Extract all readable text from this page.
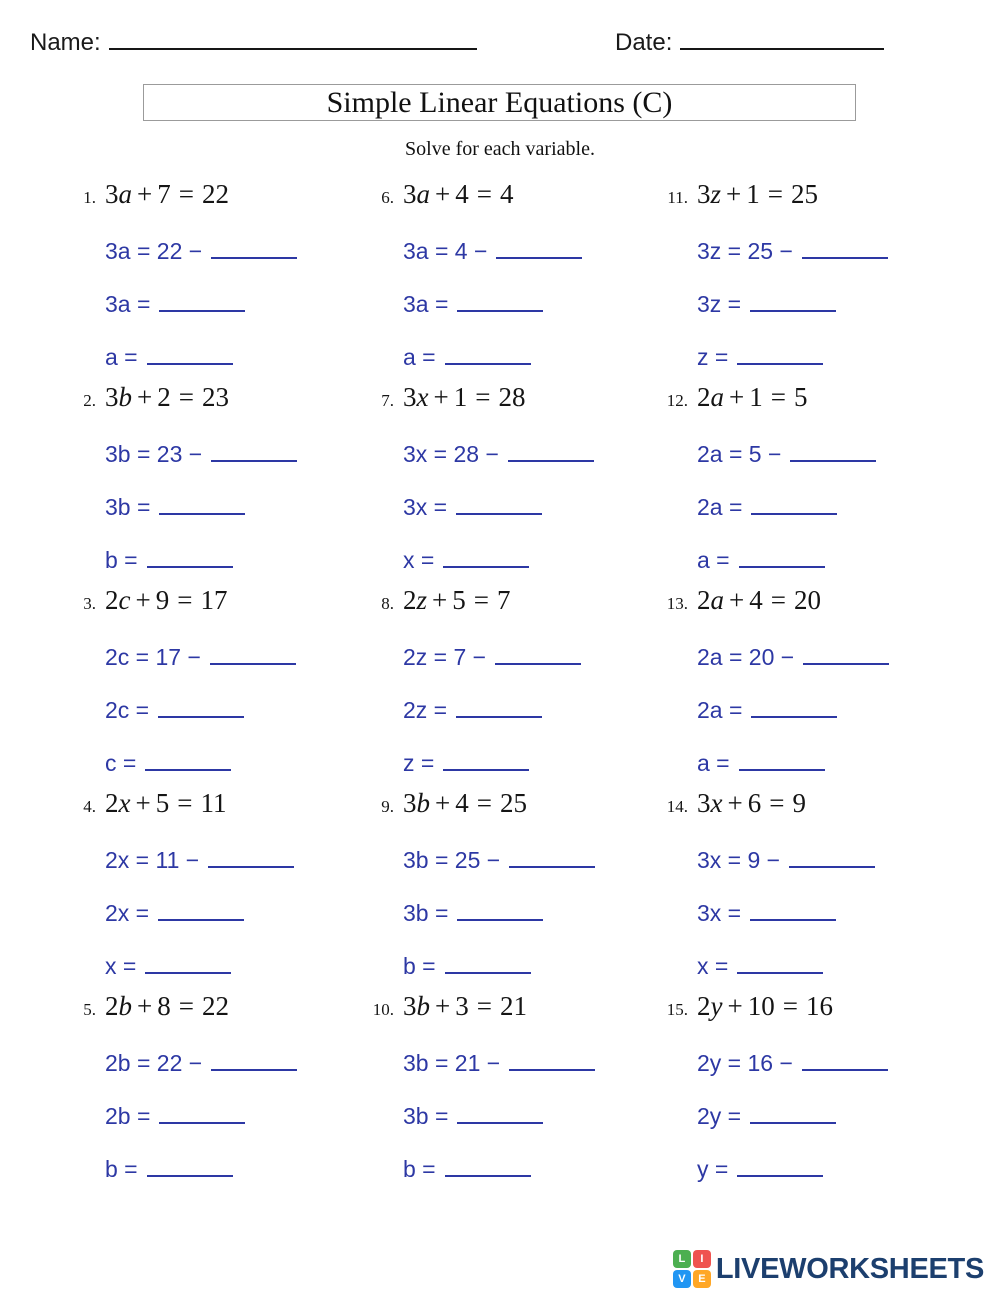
Name:	Date:
Simple Linear Equations (C)
Solve for each variable.
1. 3a + 7 = 22
3a = 22 −
3a =
a =
2. 3b + 2 = 23
3b = 23 −
3b =
b =
3. 2c + 9 = 17
2c = 17 −
2c =
c =
4. 2x + 5 = 11
2x = 11 −
2x =
x =
5. 2b + 8 = 22
2b = 22 −
2b =
b =
6. 3a + 4 = 4
3a = 4 −
3a =
a =
7. 3x + 1 = 28
3x = 28 −
3x =
x =
8. 2z + 5 = 7
2z = 7 −
2z =
z =
9. 3b + 4 = 25
3b = 25 −
3b =
b =
10. 3b + 3 = 21
3b = 21 −
3b =
b =
11. 3z + 1 = 25
3z = 25 −
3z =
z =
12. 2a + 1 = 5
2a = 5 −
2a =
a =
13. 2a + 4 = 20
2a = 20 −
2a =
a =
14. 3x + 6 = 9
3x = 9 −
3x =
x =
15. 2y + 10 = 16
2y = 16 −
2y =
y =
L	I
V	E LIVEWORKSHEETS
